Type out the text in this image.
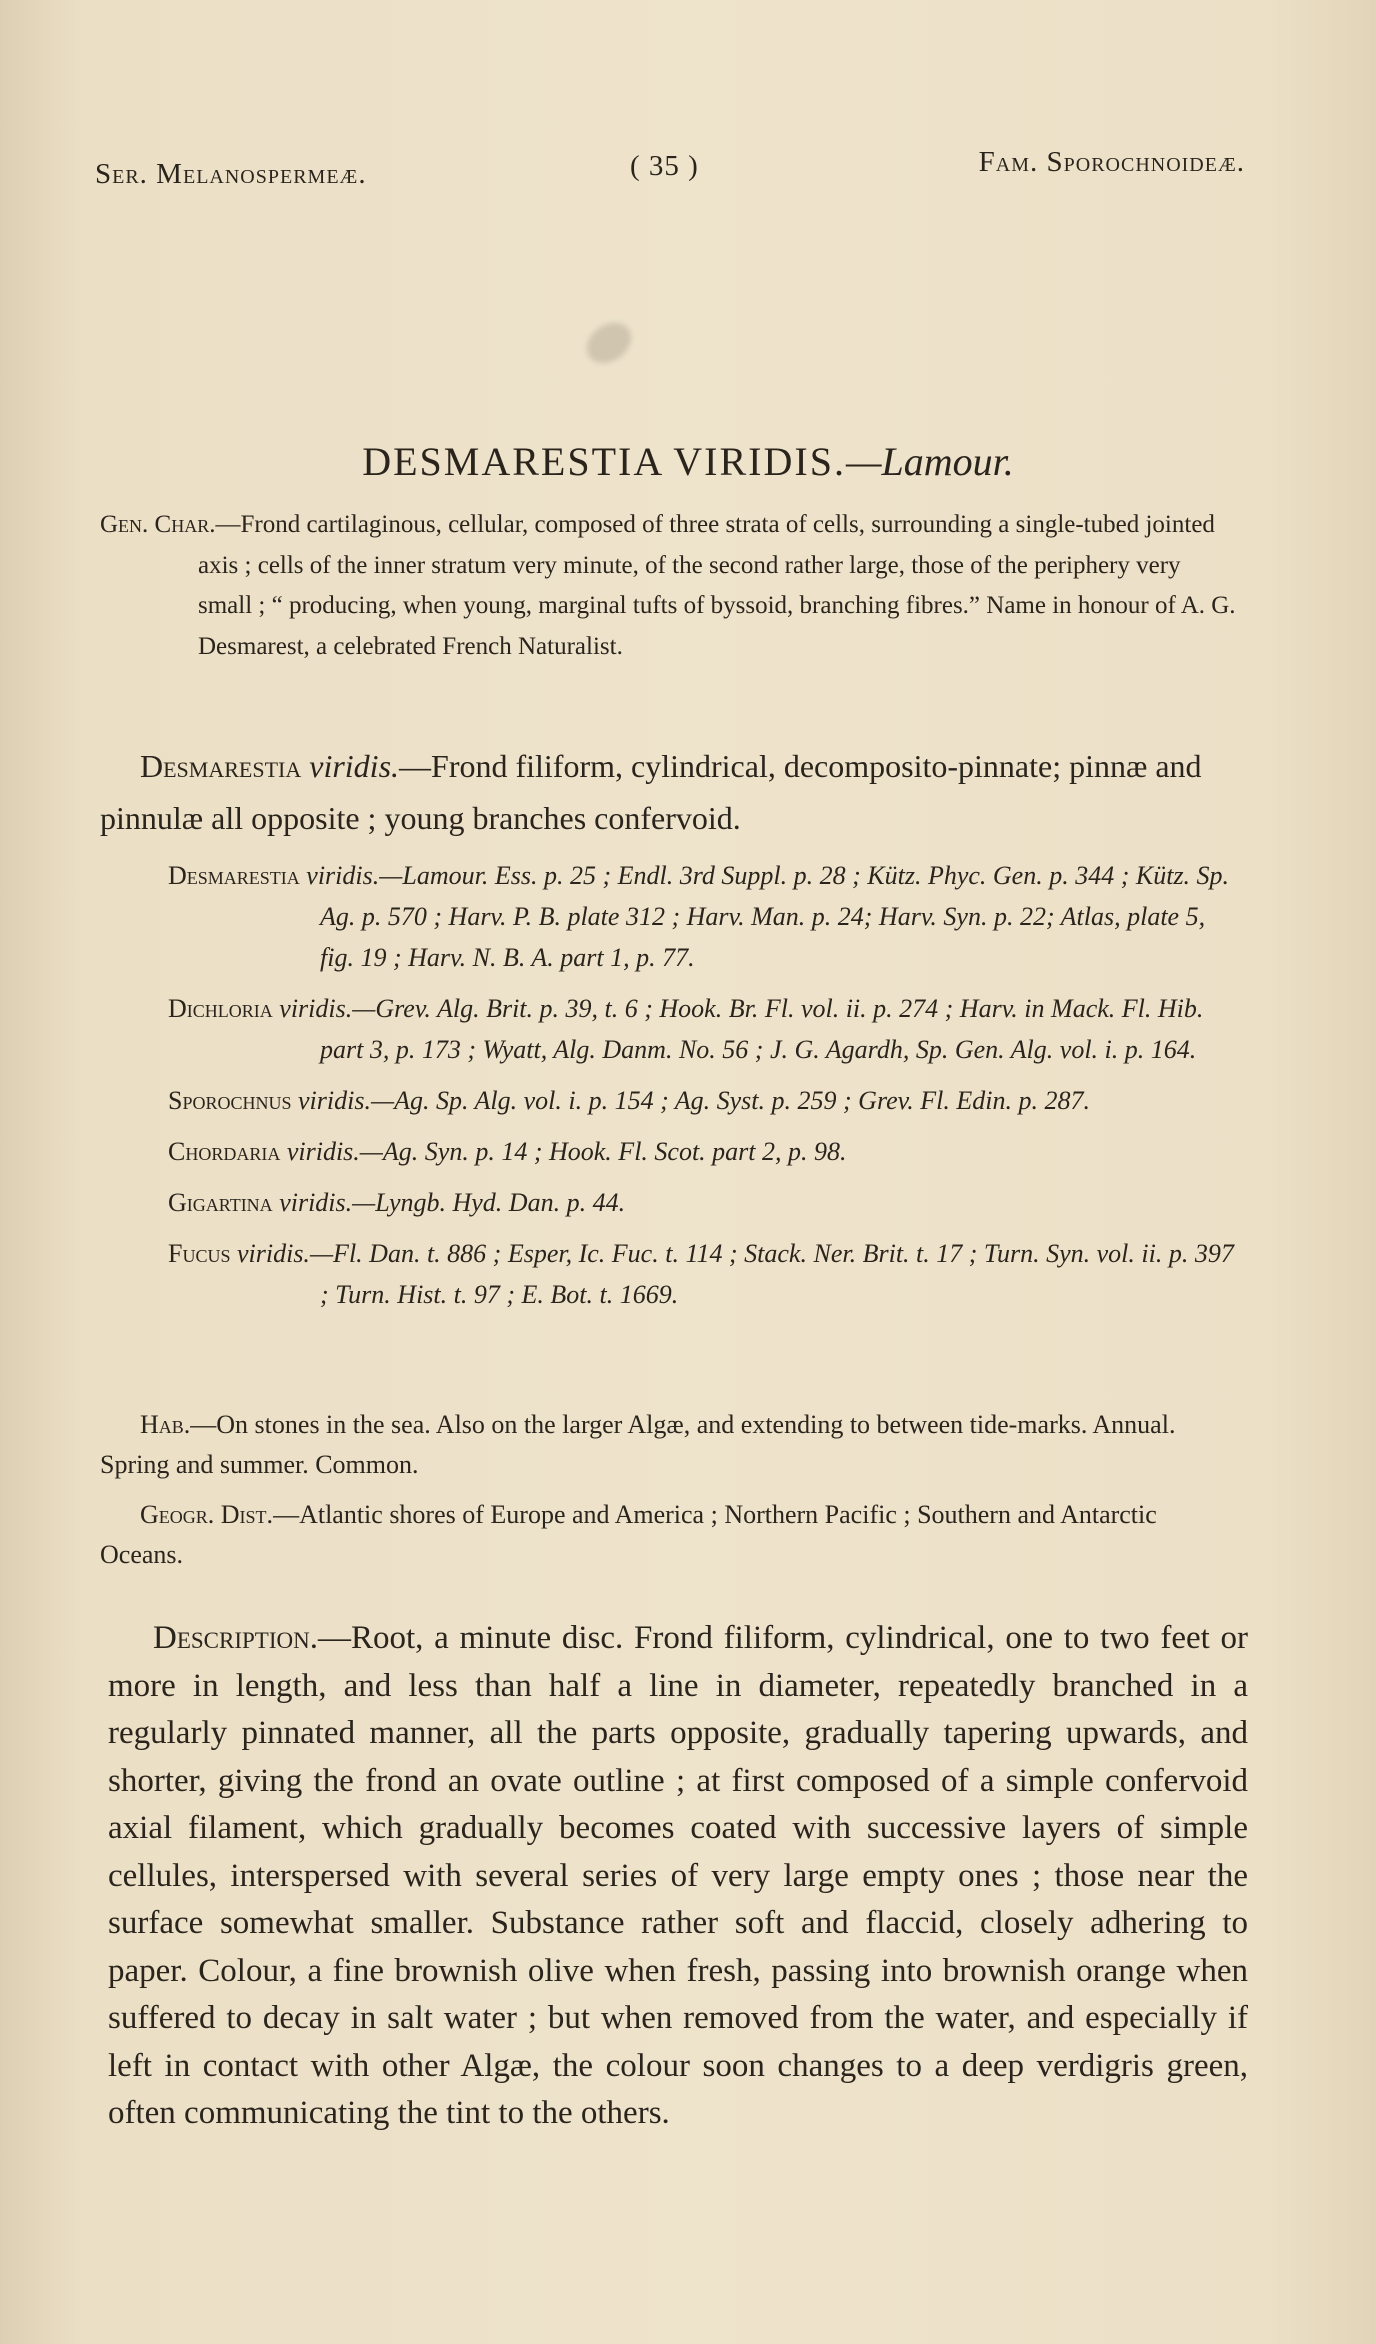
Ser. Melanospermeæ.	( 35 )	Fam. Sporochnoideæ.
DESMARESTIA VIRIDIS.—Lamour.
Gen. Char.—Frond cartilaginous, cellular, composed of three strata of cells, surrounding a single-tubed jointed axis ; cells of the inner stratum very minute, of the second rather large, those of the periphery very small ; “ producing, when young, marginal tufts of byssoid, branching fibres.” Name in honour of A. G. Desmarest, a celebrated French Naturalist.
Desmarestia viridis.—Frond filiform, cylindrical, decomposito-pinnate; pinnæ and pinnulæ all opposite ; young branches confervoid.
Desmarestia viridis.—Lamour. Ess. p. 25 ; Endl. 3rd Suppl. p. 28 ; Kütz. Phyc. Gen. p. 344 ; Kütz. Sp. Ag. p. 570 ; Harv. P. B. plate 312 ; Harv. Man. p. 24; Harv. Syn. p. 22; Atlas, plate 5, fig. 19 ; Harv. N. B. A. part 1, p. 77.
Dichloria viridis.—Grev. Alg. Brit. p. 39, t. 6 ; Hook. Br. Fl. vol. ii. p. 274 ; Harv. in Mack. Fl. Hib. part 3, p. 173 ; Wyatt, Alg. Danm. No. 56 ; J. G. Agardh, Sp. Gen. Alg. vol. i. p. 164.
Sporochnus viridis.—Ag. Sp. Alg. vol. i. p. 154 ; Ag. Syst. p. 259 ; Grev. Fl. Edin. p. 287.
Chordaria viridis.—Ag. Syn. p. 14 ; Hook. Fl. Scot. part 2, p. 98.
Gigartina viridis.—Lyngb. Hyd. Dan. p. 44.
Fucus viridis.—Fl. Dan. t. 886 ; Esper, Ic. Fuc. t. 114 ; Stack. Ner. Brit. t. 17 ; Turn. Syn. vol. ii. p. 397 ; Turn. Hist. t. 97 ; E. Bot. t. 1669.
Hab.—On stones in the sea. Also on the larger Algæ, and extending to between tide-marks. Annual. Spring and summer. Common.
Geogr. Dist.—Atlantic shores of Europe and America ; Northern Pacific ; Southern and Antarctic Oceans.
Description.—Root, a minute disc. Frond filiform, cylindrical, one to two feet or more in length, and less than half a line in diameter, repeatedly branched in a regularly pinnated manner, all the parts opposite, gradually tapering upwards, and shorter, giving the frond an ovate outline ; at first composed of a simple confervoid axial filament, which gradually becomes coated with successive layers of simple cellules, interspersed with several series of very large empty ones ; those near the surface somewhat smaller. Substance rather soft and flaccid, closely adhering to paper. Colour, a fine brownish olive when fresh, passing into brownish orange when suffered to decay in salt water ; but when removed from the water, and especially if left in contact with other Algæ, the colour soon changes to a deep verdigris green, often communicating the tint to the others.
